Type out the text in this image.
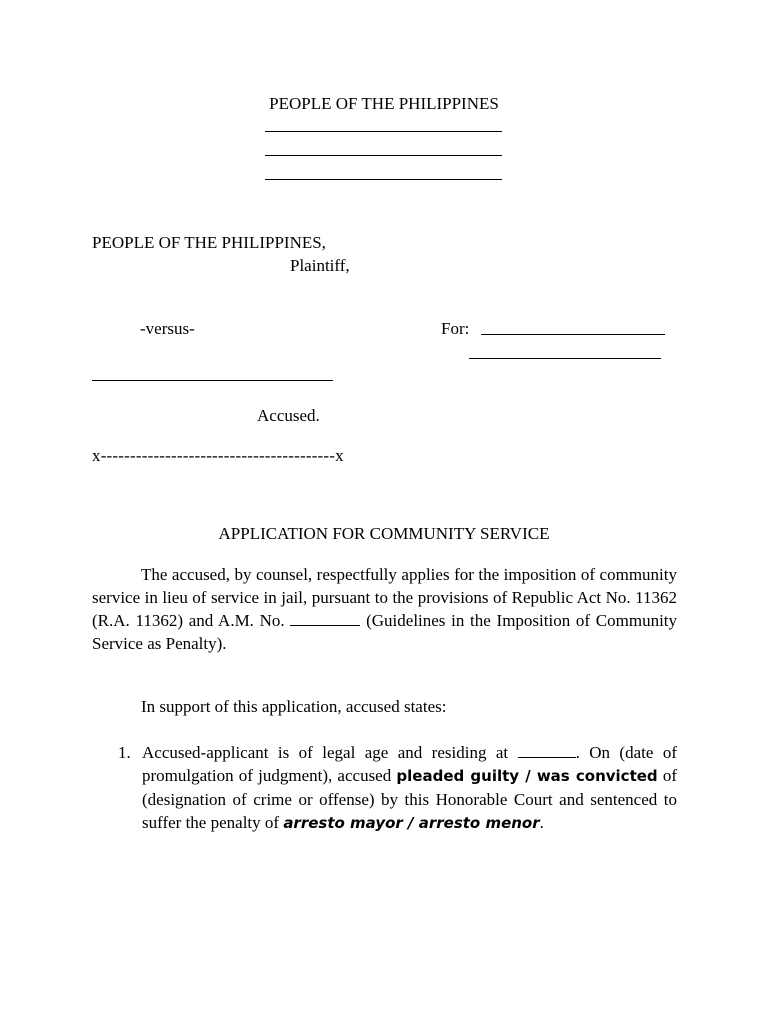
PEOPLE OF THE PHILIPPINES
PEOPLE OF THE PHILIPPINES,
Plaintiff,
-versus-	For:
Accused.
x----------------------------------------x
APPLICATION FOR COMMUNITY SERVICE
The accused, by counsel, respectfully applies for the imposition of community service in lieu of service in jail, pursuant to the provisions of Republic Act No. 11362 (R.A. 11362) and A.M. No.	(Guidelines in the Imposition of Community Service as Penalty).
In support of this application, accused states:
1. Accused-applicant is of legal age and residing at	. On (date of promulgation of judgment), accused pleaded guilty / was convicted of (designation of crime or offense) by this Honorable Court and sentenced to suffer the penalty of arresto mayor / arresto menor.
